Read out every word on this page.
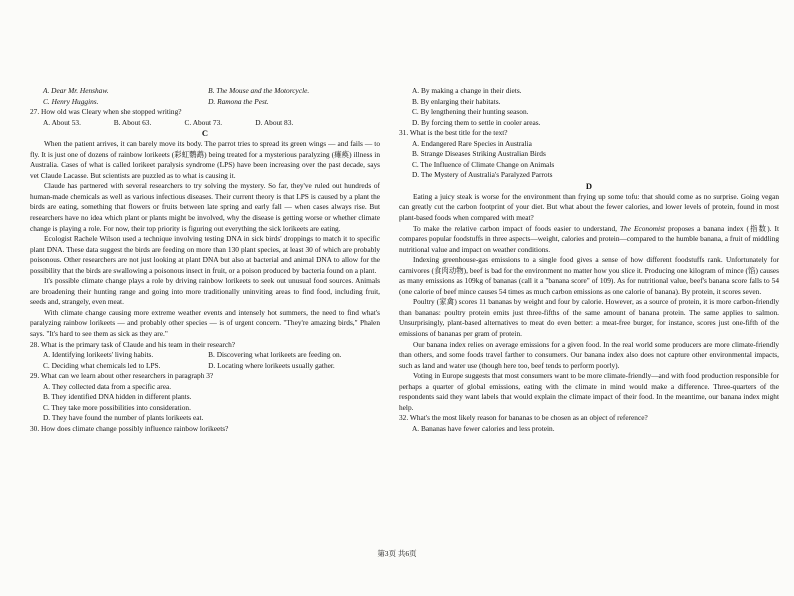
A. Dear Mr. Henshaw.	B. The Mouse and the Motorcycle.
C. Henry Huggins.	D. Ramona the Pest.
27. How old was Cleary when she stopped writing?
A. About 53.	B. About 63.	C. About 73.	D. About 83.
C

When the patient arrives, it can barely move its body. The parrot tries to spread its green wings — and fails — to fly. It is just one of dozens of rainbow lorikeets (彩虹鹦鹉) being treated for a mysterious paralyzing (瘫痪) illness in Australia. Cases of what is called lorikeet paralysis syndrome (LPS) have been increasing over the past decade, says vet Claude Lacasse. But scientists are puzzled as to what is causing it.

Claude has partnered with several researchers to try solving the mystery. So far, they've ruled out hundreds of human-made chemicals as well as various infectious diseases. Their current theory is that LPS is caused by a plant the birds are eating, something that flowers or fruits between late spring and early fall — when cases always rise. But researchers have no idea which plant or plants might be involved, why the disease is getting worse or whether climate change is playing a role. For now, their top priority is figuring out everything the sick lorikeets are eating.

Ecologist Rachele Wilson used a technique involving testing DNA in sick birds' droppings to match it to specific plant DNA. These data suggest the birds are feeding on more than 130 plant species, at least 30 of which are probably poisonous. Other researchers are not just looking at plant DNA but also at bacterial and animal DNA to allow for the possibility that the birds are swallowing a poisonous insect in fruit, or a poison produced by bacteria found on a plant.

It's possible climate change plays a role by driving rainbow lorikeets to seek out unusual food sources. Animals are broadening their hunting range and going into more traditionally uninviting areas to find food, including fruit, seeds and, strangely, even meat.

With climate change causing more extreme weather events and intensely hot summers, the need to find what's paralyzing rainbow lorikeets — and probably other species — is of urgent concern. "They're amazing birds," Phalen says. "It's hard to see them as sick as they are."

28. What is the primary task of Claude and his team in their research?
A. Identifying lorikeets' living habits.	B. Discovering what lorikeets are feeding on.
C. Deciding what chemicals led to LPS.	D. Locating where lorikeets usually gather.
29. What can we learn about other researchers in paragraph 3?
A. They collected data from a specific area.
B. They identified DNA hidden in different plants.
C. They take more possibilities into consideration.
D. They have found the number of plants lorikeets eat.
30. How does climate change possibly influence rainbow lorikeets?
A. By making a change in their diets.
B. By enlarging their habitats.
C. By lengthening their hunting season.
D. By forcing them to settle in cooler areas.
31. What is the best title for the text?
A. Endangered Rare Species in Australia
B. Strange Diseases Striking Australian Birds
C. The Influence of Climate Change on Animals
D. The Mystery of Australia's Paralyzed Parrots
D

Eating a juicy steak is worse for the environment than frying up some tofu: that should come as no surprise. Going vegan can greatly cut the carbon footprint of your diet. But what about the fewer calories, and lower levels of protein, found in most plant-based foods when compared with meat?

To make the relative carbon impact of foods easier to understand, The Economist proposes a banana index (指数). It compares popular foodstuffs in three aspects—weight, calories and protein—compared to the humble banana, a fruit of middling nutritional value and impact on weather conditions.

Indexing greenhouse-gas emissions to a single food gives a sense of how different foodstuffs rank. Unfortunately for carnivores (食肉动物), beef is bad for the environment no matter how you slice it. Producing one kilogram of mince (馅) causes as many emissions as 109kg of bananas (call it a "banana score" of 109). As for nutritional value, beef's banana score falls to 54 (one calorie of beef mince causes 54 times as much carbon emissions as one calorie of banana). By protein, it scores seven.

Poultry (家禽) scores 11 bananas by weight and four by calorie. However, as a source of protein, it is more carbon-friendly than bananas: poultry protein emits just three-fifths of the same amount of banana protein. The same applies to salmon. Unsurprisingly, plant-based alternatives to meat do even better: a meat-free burger, for instance, scores just one-fifth of the emissions of bananas per gram of protein.

Our banana index relies on average emissions for a given food. In the real world some producers are more climate-friendly than others, and some foods travel farther to consumers. Our banana index also does not capture other environmental impacts, such as land and water use (though here too, beef tends to perform poorly).

Voting in Europe suggests that most consumers want to be more climate-friendly—and with food production responsible for perhaps a quarter of global emissions, eating with the climate in mind would make a difference. Three-quarters of the respondents said they want labels that would explain the climate impact of their food. In the meantime, our banana index might help.

32. What's the most likely reason for bananas to be chosen as an object of reference?
A. Bananas have fewer calories and less protein.
第3页 共6页
